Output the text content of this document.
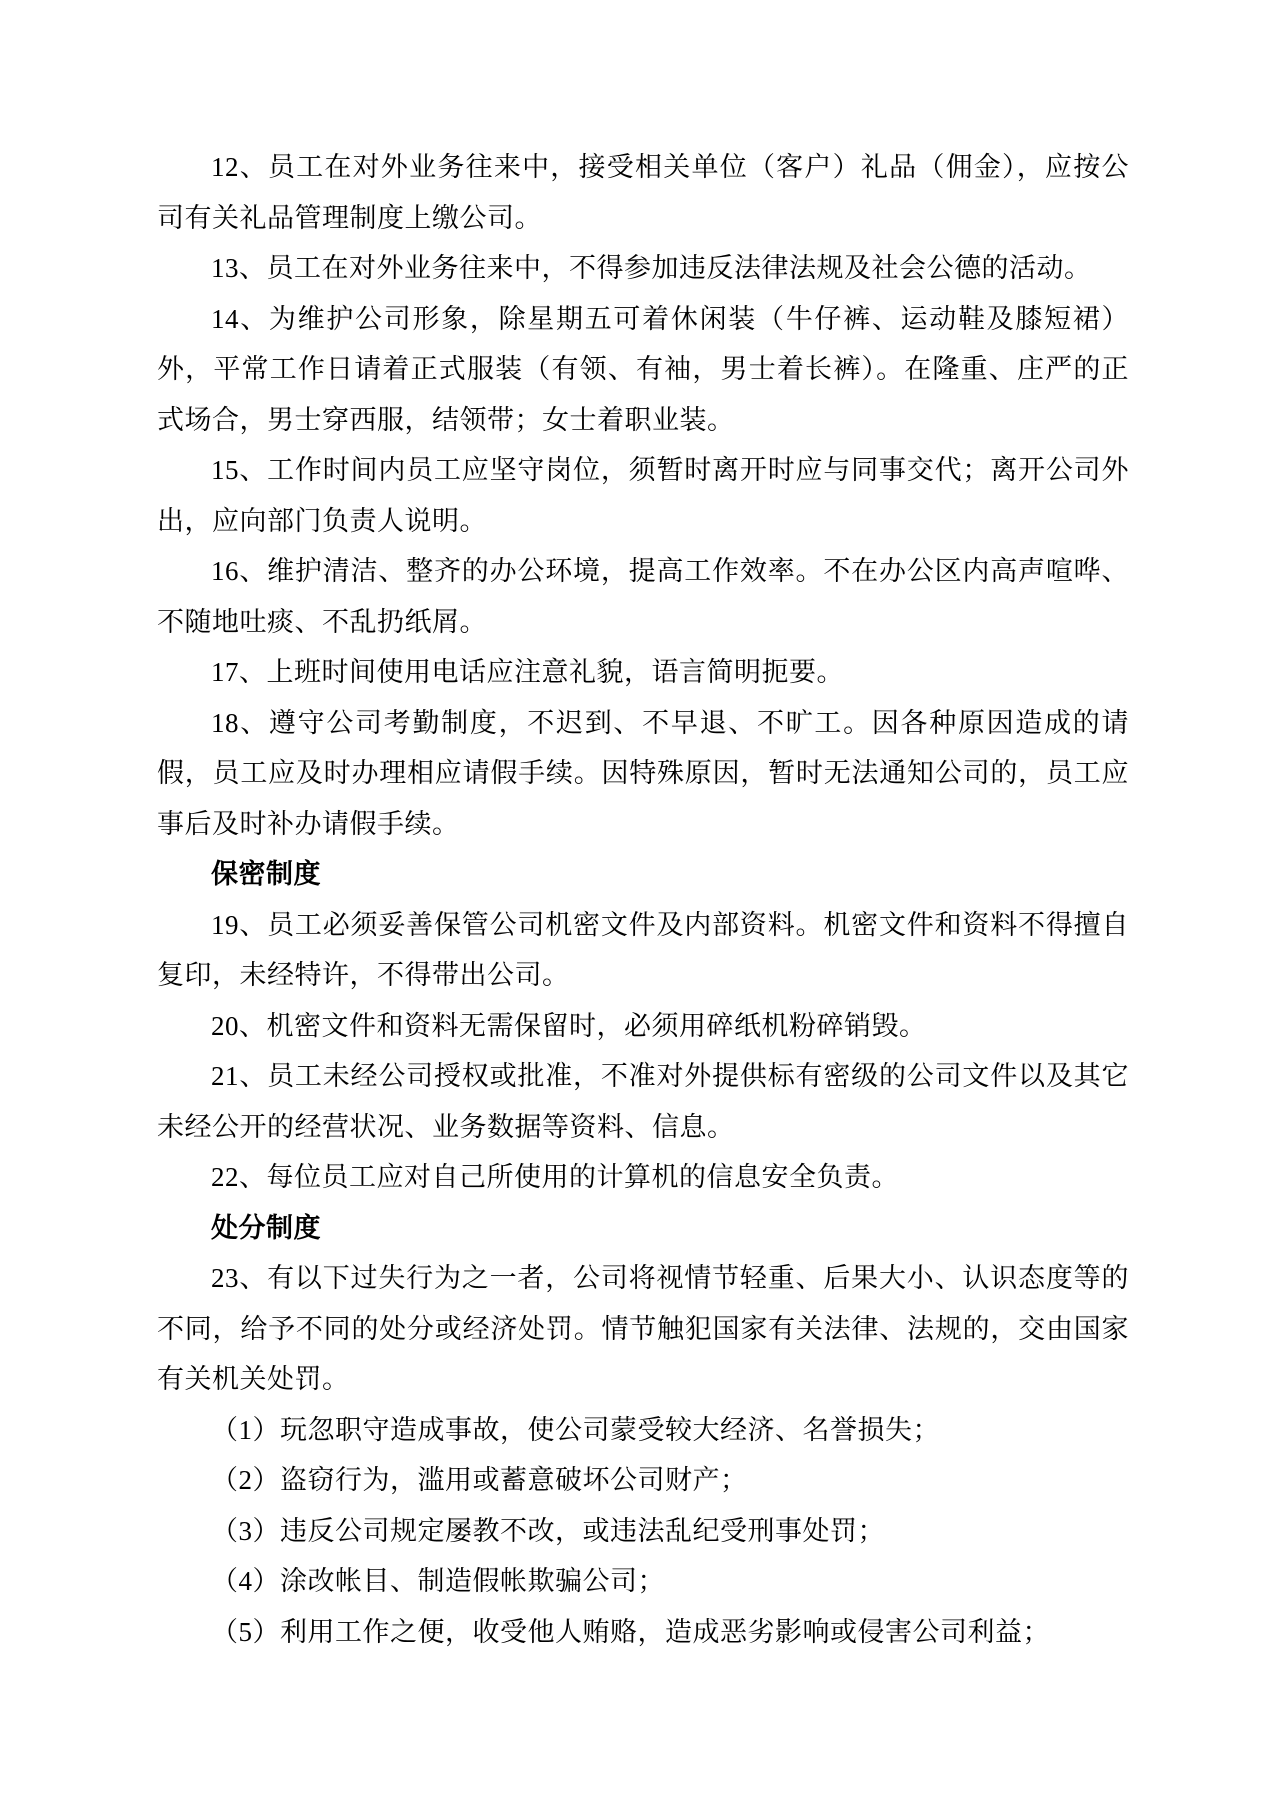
12、员工在对外业务往来中，接受相关单位（客户）礼品（佣金），应按公司有关礼品管理制度上缴公司。

13、员工在对外业务往来中，不得参加违反法律法规及社会公德的活动。

14、为维护公司形象，除星期五可着休闲装（牛仔裤、运动鞋及膝短裙）外，平常工作日请着正式服装（有领、有袖，男士着长裤）。在隆重、庄严的正式场合，男士穿西服，结领带；女士着职业装。

15、工作时间内员工应坚守岗位，须暂时离开时应与同事交代；离开公司外出，应向部门负责人说明。

16、维护清洁、整齐的办公环境，提高工作效率。不在办公区内高声喧哗、不随地吐痰、不乱扔纸屑。

17、上班时间使用电话应注意礼貌，语言简明扼要。

18、遵守公司考勤制度，不迟到、不早退、不旷工。因各种原因造成的请假，员工应及时办理相应请假手续。因特殊原因，暂时无法通知公司的，员工应事后及时补办请假手续。

保密制度

19、员工必须妥善保管公司机密文件及内部资料。机密文件和资料不得擅自复印，未经特许，不得带出公司。

20、机密文件和资料无需保留时，必须用碎纸机粉碎销毁。

21、员工未经公司授权或批准，不准对外提供标有密级的公司文件以及其它未经公开的经营状况、业务数据等资料、信息。

22、每位员工应对自己所使用的计算机的信息安全负责。

处分制度

23、有以下过失行为之一者，公司将视情节轻重、后果大小、认识态度等的不同，给予不同的处分或经济处罚。情节触犯国家有关法律、法规的，交由国家有关机关处罚。

（1）玩忽职守造成事故，使公司蒙受较大经济、名誉损失；

（2）盗窃行为，滥用或蓄意破坏公司财产；

（3）违反公司规定屡教不改，或违法乱纪受刑事处罚；

（4）涂改帐目、制造假帐欺骗公司；

（5）利用工作之便，收受他人贿赂，造成恶劣影响或侵害公司利益；
